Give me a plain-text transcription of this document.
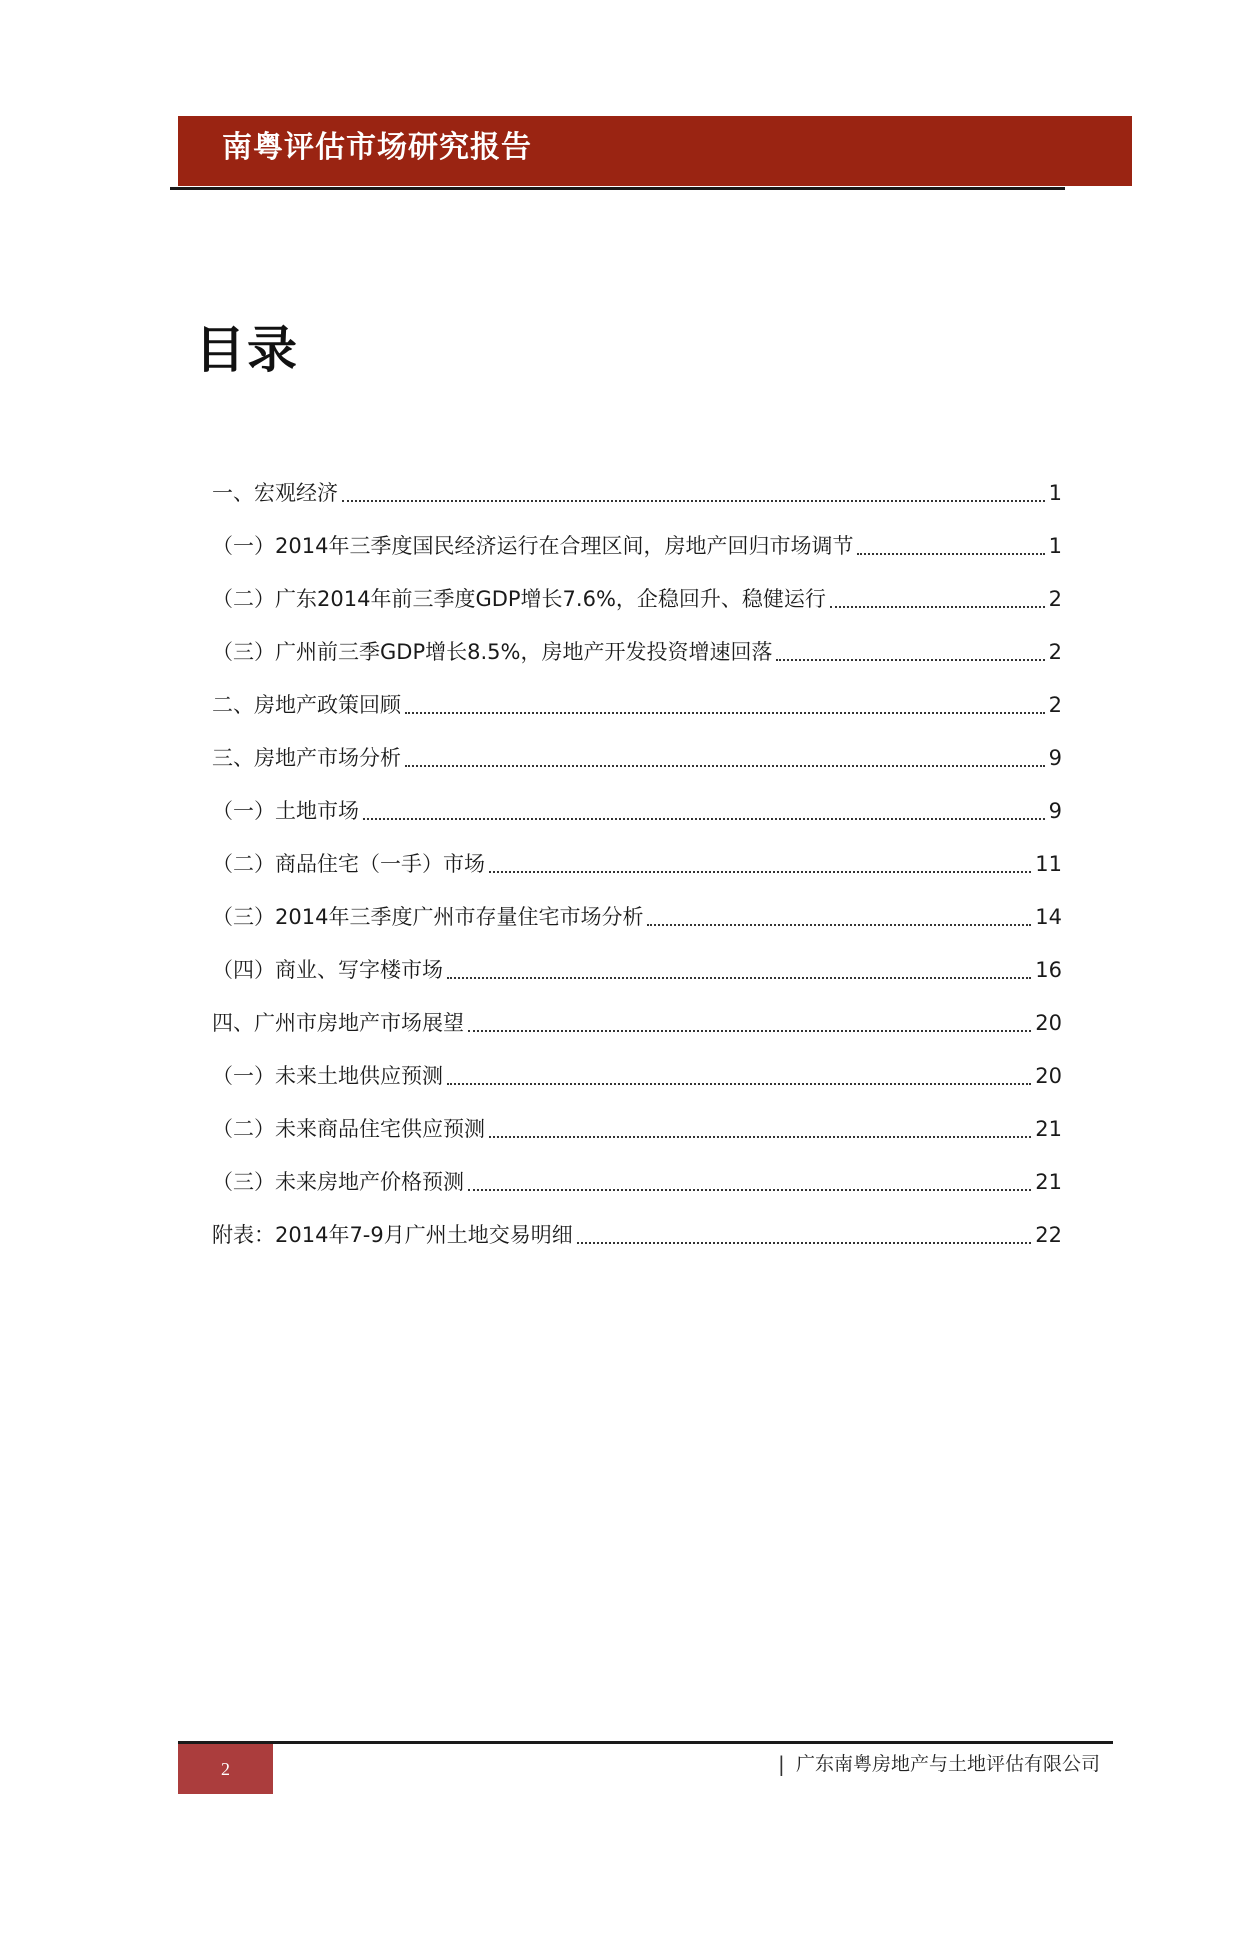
南粤评估市场研究报告
目录
一、宏观经济	1
（一）2014年三季度国民经济运行在合理区间，房地产回归市场调节	1
（二）广东2014年前三季度GDP增长7.6%，企稳回升、稳健运行	2
（三）广州前三季GDP增长8.5%，房地产开发投资增速回落	2
二、房地产政策回顾	2
三、房地产市场分析	9
（一）土地市场	9
（二）商品住宅（一手）市场	11
（三）2014年三季度广州市存量住宅市场分析	14
（四）商业、写字楼市场	16
四、广州市房地产市场展望	20
（一）未来土地供应预测	20
（二）未来商品住宅供应预测	21
（三）未来房地产价格预测	21
附表：2014年7-9月广州土地交易明细	22
2	| 广东南粤房地产与土地评估有限公司
